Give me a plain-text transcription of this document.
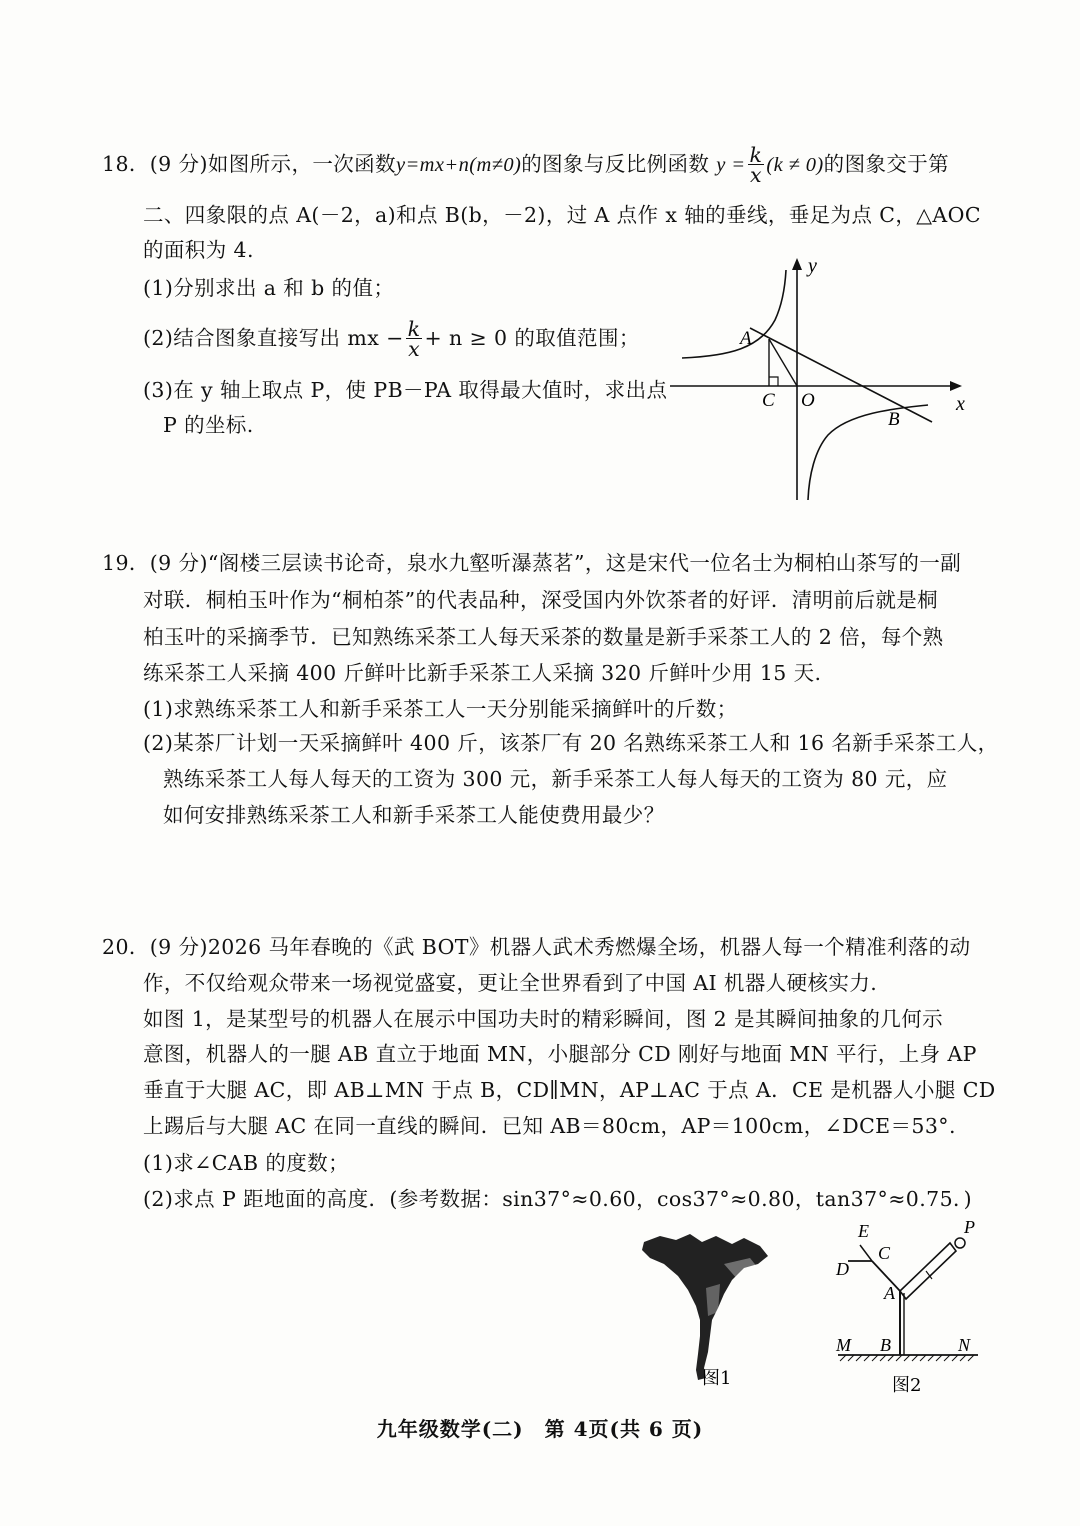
18．(9 分)如图所示，一次函数y=mx+n(m≠0)的图象与反比例函数 $y = \frac{k}{x} (k \ne 0)$的图象交于第
二、四象限的点 A(－2，a)和点 B(b，－2)，过 A 点作 x 轴的垂线，垂足为点 C，△AOC
的面积为 4.
(1)分别求出 a 和 b 的值；
(2)结合图象直接写出 mx − $\frac{k}{x} + n \ge 0$ 的取值范围；
(3)在 y 轴上取点 P，使 PB－PA 取得最大值时，求出点
P 的坐标.
y
x
A
C O
B
19．(9 分)“阁楼三层读书论奇，泉水九壑听瀑蒸茗”，这是宋代一位名士为桐柏山茶写的一副
对联．桐柏玉叶作为“桐柏茶”的代表品种，深受国内外饮茶者的好评．清明前后就是桐
柏玉叶的采摘季节．已知熟练采茶工人每天采茶的数量是新手采茶工人的 2 倍，每个熟
练采茶工人采摘 400 斤鲜叶比新手采茶工人采摘 320 斤鲜叶少用 15 天.
(1)求熟练采茶工人和新手采茶工人一天分别能采摘鲜叶的斤数；
(2)某茶厂计划一天采摘鲜叶 400 斤，该茶厂有 20 名熟练采茶工人和 16 名新手采茶工人，
熟练采茶工人每人每天的工资为 300 元，新手采茶工人每人每天的工资为 80 元，应
如何安排熟练采茶工人和新手采茶工人能使费用最少？
20．(9 分)2026 马年春晚的《武 BOT》机器人武术秀燃爆全场，机器人每一个精准利落的动
作，不仅给观众带来一场视觉盛宴，更让全世界看到了中国 AI 机器人硬核实力.
如图 1，是某型号的机器人在展示中国功夫时的精彩瞬间，图 2 是其瞬间抽象的几何示
意图，机器人的一腿 AB 直立于地面 MN，小腿部分 CD 刚好与地面 MN 平行，上身 AP
垂直于大腿 AC，即 AB⊥MN 于点 B，CD∥MN，AP⊥AC 于点 A．CE 是机器人小腿 CD
上踢后与大腿 AC 在同一直线的瞬间．已知 AB＝80cm，AP＝100cm，∠DCE＝53°.
(1)求∠CAB 的度数；
(2)求点 P 距地面的高度．(参考数据：sin37°≈0.60，cos37°≈0.80，tan37°≈0.75．)
图1
E
C
D
P
A
M B	N
图2
九年级数学(二)　第 4页(共 6 页)
